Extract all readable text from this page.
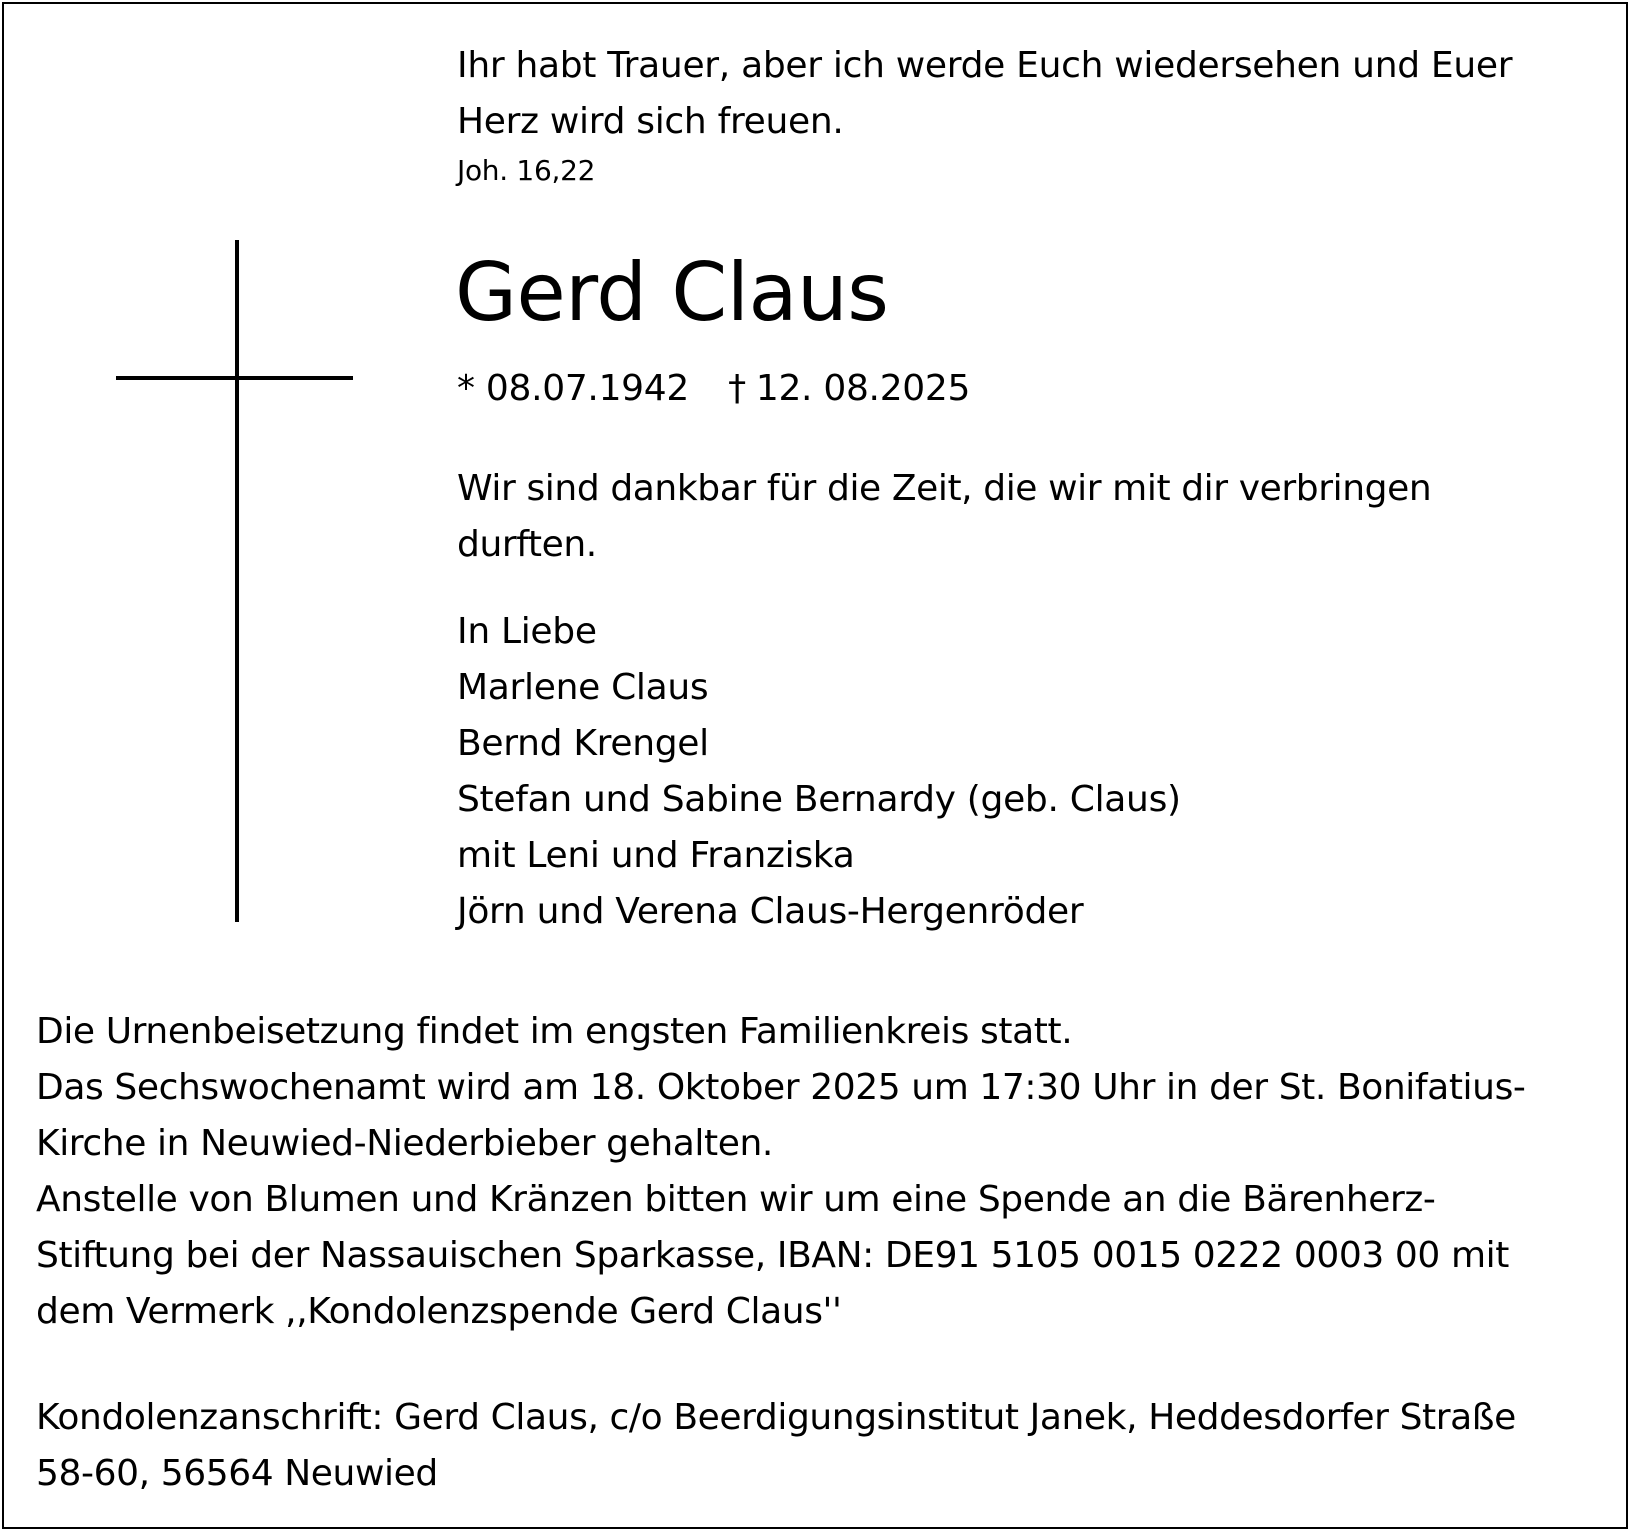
Ihr habt Trauer, aber ich werde Euch wiedersehen und Euer
Herz wird sich freuen.
Joh. 16,22
Gerd Claus
* 08.07.1942 † 12. 08.2025
Wir sind dankbar für die Zeit, die wir mit dir verbringen
durften.
In Liebe
Marlene Claus
Bernd Krengel
Stefan und Sabine Bernardy (geb. Claus)
mit Leni und Franziska
Jörn und Verena Claus-Hergenröder
Die Urnenbeisetzung findet im engsten Familienkreis statt.
Das Sechswochenamt wird am 18. Oktober 2025 um 17:30 Uhr in der St. Bonifatius-
Kirche in Neuwied-Niederbieber gehalten.
Anstelle von Blumen und Kränzen bitten wir um eine Spende an die Bärenherz-
Stiftung bei der Nassauischen Sparkasse, IBAN: DE91 5105 0015 0222 0003 00 mit
dem Vermerk ,,Kondolenzspende Gerd Claus''
Kondolenzanschrift: Gerd Claus, c/o Beerdigungsinstitut Janek, Heddesdorfer Straße
58-60, 56564 Neuwied
